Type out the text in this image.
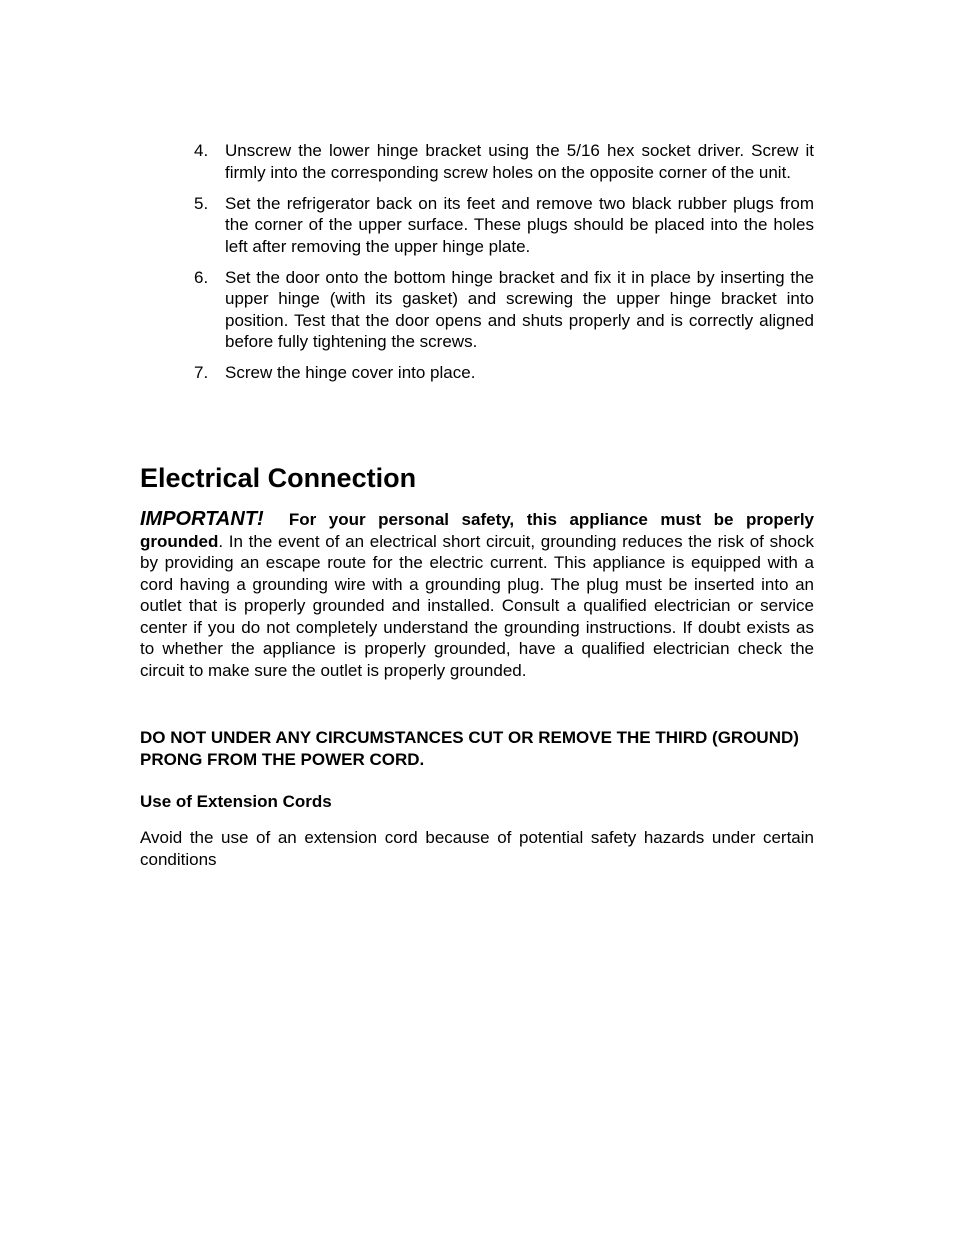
4. Unscrew the lower hinge bracket using the 5/16 hex socket driver. Screw it firmly into the corresponding screw holes on the opposite corner of the unit.
5. Set the refrigerator back on its feet and remove two black rubber plugs from the corner of the upper surface. These plugs should be placed into the holes left after removing the upper hinge plate.
6. Set the door onto the bottom hinge bracket and fix it in place by inserting the upper hinge (with its gasket) and screwing the upper hinge bracket into position. Test that the door opens and shuts properly and is correctly aligned before fully tightening the screws.
7. Screw the hinge cover into place.
Electrical Connection

IMPORTANT! For your personal safety, this appliance must be properly grounded. In the event of an electrical short circuit, grounding reduces the risk of shock by providing an escape route for the electric current. This appliance is equipped with a cord having a grounding wire with a grounding plug. The plug must be inserted into an outlet that is properly grounded and installed. Consult a qualified electrician or service center if you do not completely understand the grounding instructions. If doubt exists as to whether the appliance is properly grounded, have a qualified electrician check the circuit to make sure the outlet is properly grounded.

DO NOT UNDER ANY CIRCUMSTANCES CUT OR REMOVE THE THIRD (GROUND) PRONG FROM THE POWER CORD.

Use of Extension Cords

Avoid the use of an extension cord because of potential safety hazards under certain conditions
